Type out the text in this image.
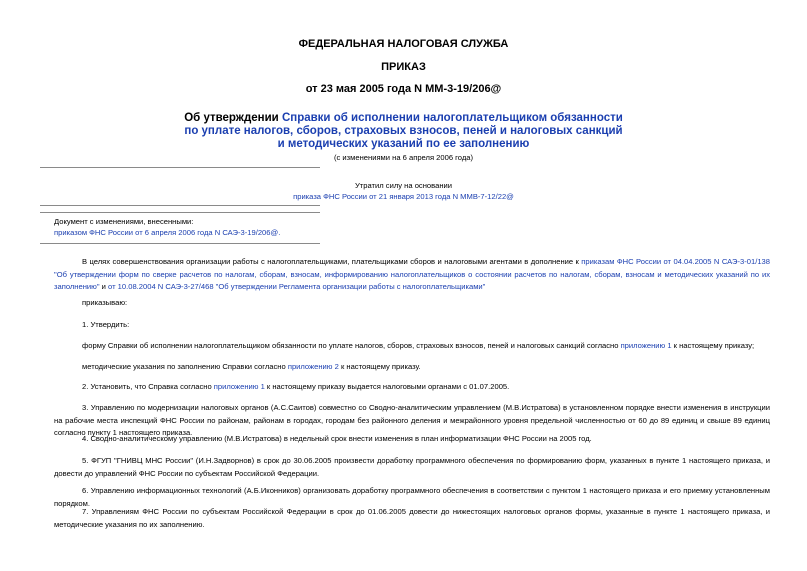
ФЕДЕРАЛЬНАЯ НАЛОГОВАЯ СЛУЖБА
ПРИКАЗ
от 23 мая 2005 года N ММ-3-19/206@
Об утверждении Справки об исполнении налогоплательщиком обязанности
по уплате налогов, сборов, страховых взносов, пеней и налоговых санкций
и методических указаний по ее заполнению
(с изменениями на 6 апреля 2006 года)
Утратил силу на основании
приказа ФНС России от 21 января 2013 года N ММВ-7-12/22@
Документ с изменениями, внесенными:
приказом ФНС России от 6 апреля 2006 года N САЭ-3-19/206@.
В целях совершенствования организации работы с налогоплательщиками, плательщиками сборов и налоговыми агентами в дополнение к приказам ФНС России от 04.04.2005 N САЭ-3-01/138 "Об утверждении форм по сверке расчетов по налогам, сборам, взносам, информированию налогоплательщиков о состоянии расчетов по налогам, сборам, взносам и методических указаний по их заполнению" и от 10.08.2004 N САЭ-3-27/468 "Об утверждении Регламента организации работы с налогоплательщиками"
приказываю:
1. Утвердить:
форму Справки об исполнении налогоплательщиком обязанности по уплате налогов, сборов, страховых взносов, пеней и налоговых санкций согласно приложению 1 к настоящему приказу;
методические указания по заполнению Справки согласно приложению 2 к настоящему приказу.
2. Установить, что Справка согласно приложению 1 к настоящему приказу выдается налоговыми органами с 01.07.2005.
3. Управлению по модернизации налоговых органов (А.С.Саитов) совместно со Сводно-аналитическим управлением (М.В.Истратова) в установленном порядке внести изменения в инструкции на рабочие места инспекций ФНС России по районам, районам в городах, городам без районного деления и межрайонного уровня предельной численностью от 60 до 89 единиц и свыше 89 единиц согласно пункту 1 настоящего приказа.
4. Сводно-аналитическому управлению (М.В.Истратова) в недельный срок внести изменения в план информатизации ФНС России на 2005 год.
5. ФГУП "ГНИВЦ МНС России" (И.Н.Задворнов) в срок до 30.06.2005 произвести доработку программного обеспечения по формированию форм, указанных в пункте 1 настоящего приказа, и довести до управлений ФНС России по субъектам Российской Федерации.
6. Управлению информационных технологий (А.Б.Иконников) организовать доработку программного обеспечения в соответствии с пунктом 1 настоящего приказа и его приемку установленным порядком.
7. Управлениям ФНС России по субъектам Российской Федерации в срок до 01.06.2005 довести до нижестоящих налоговых органов формы, указанные в пункте 1 настоящего приказа, и методические указания по их заполнению.
